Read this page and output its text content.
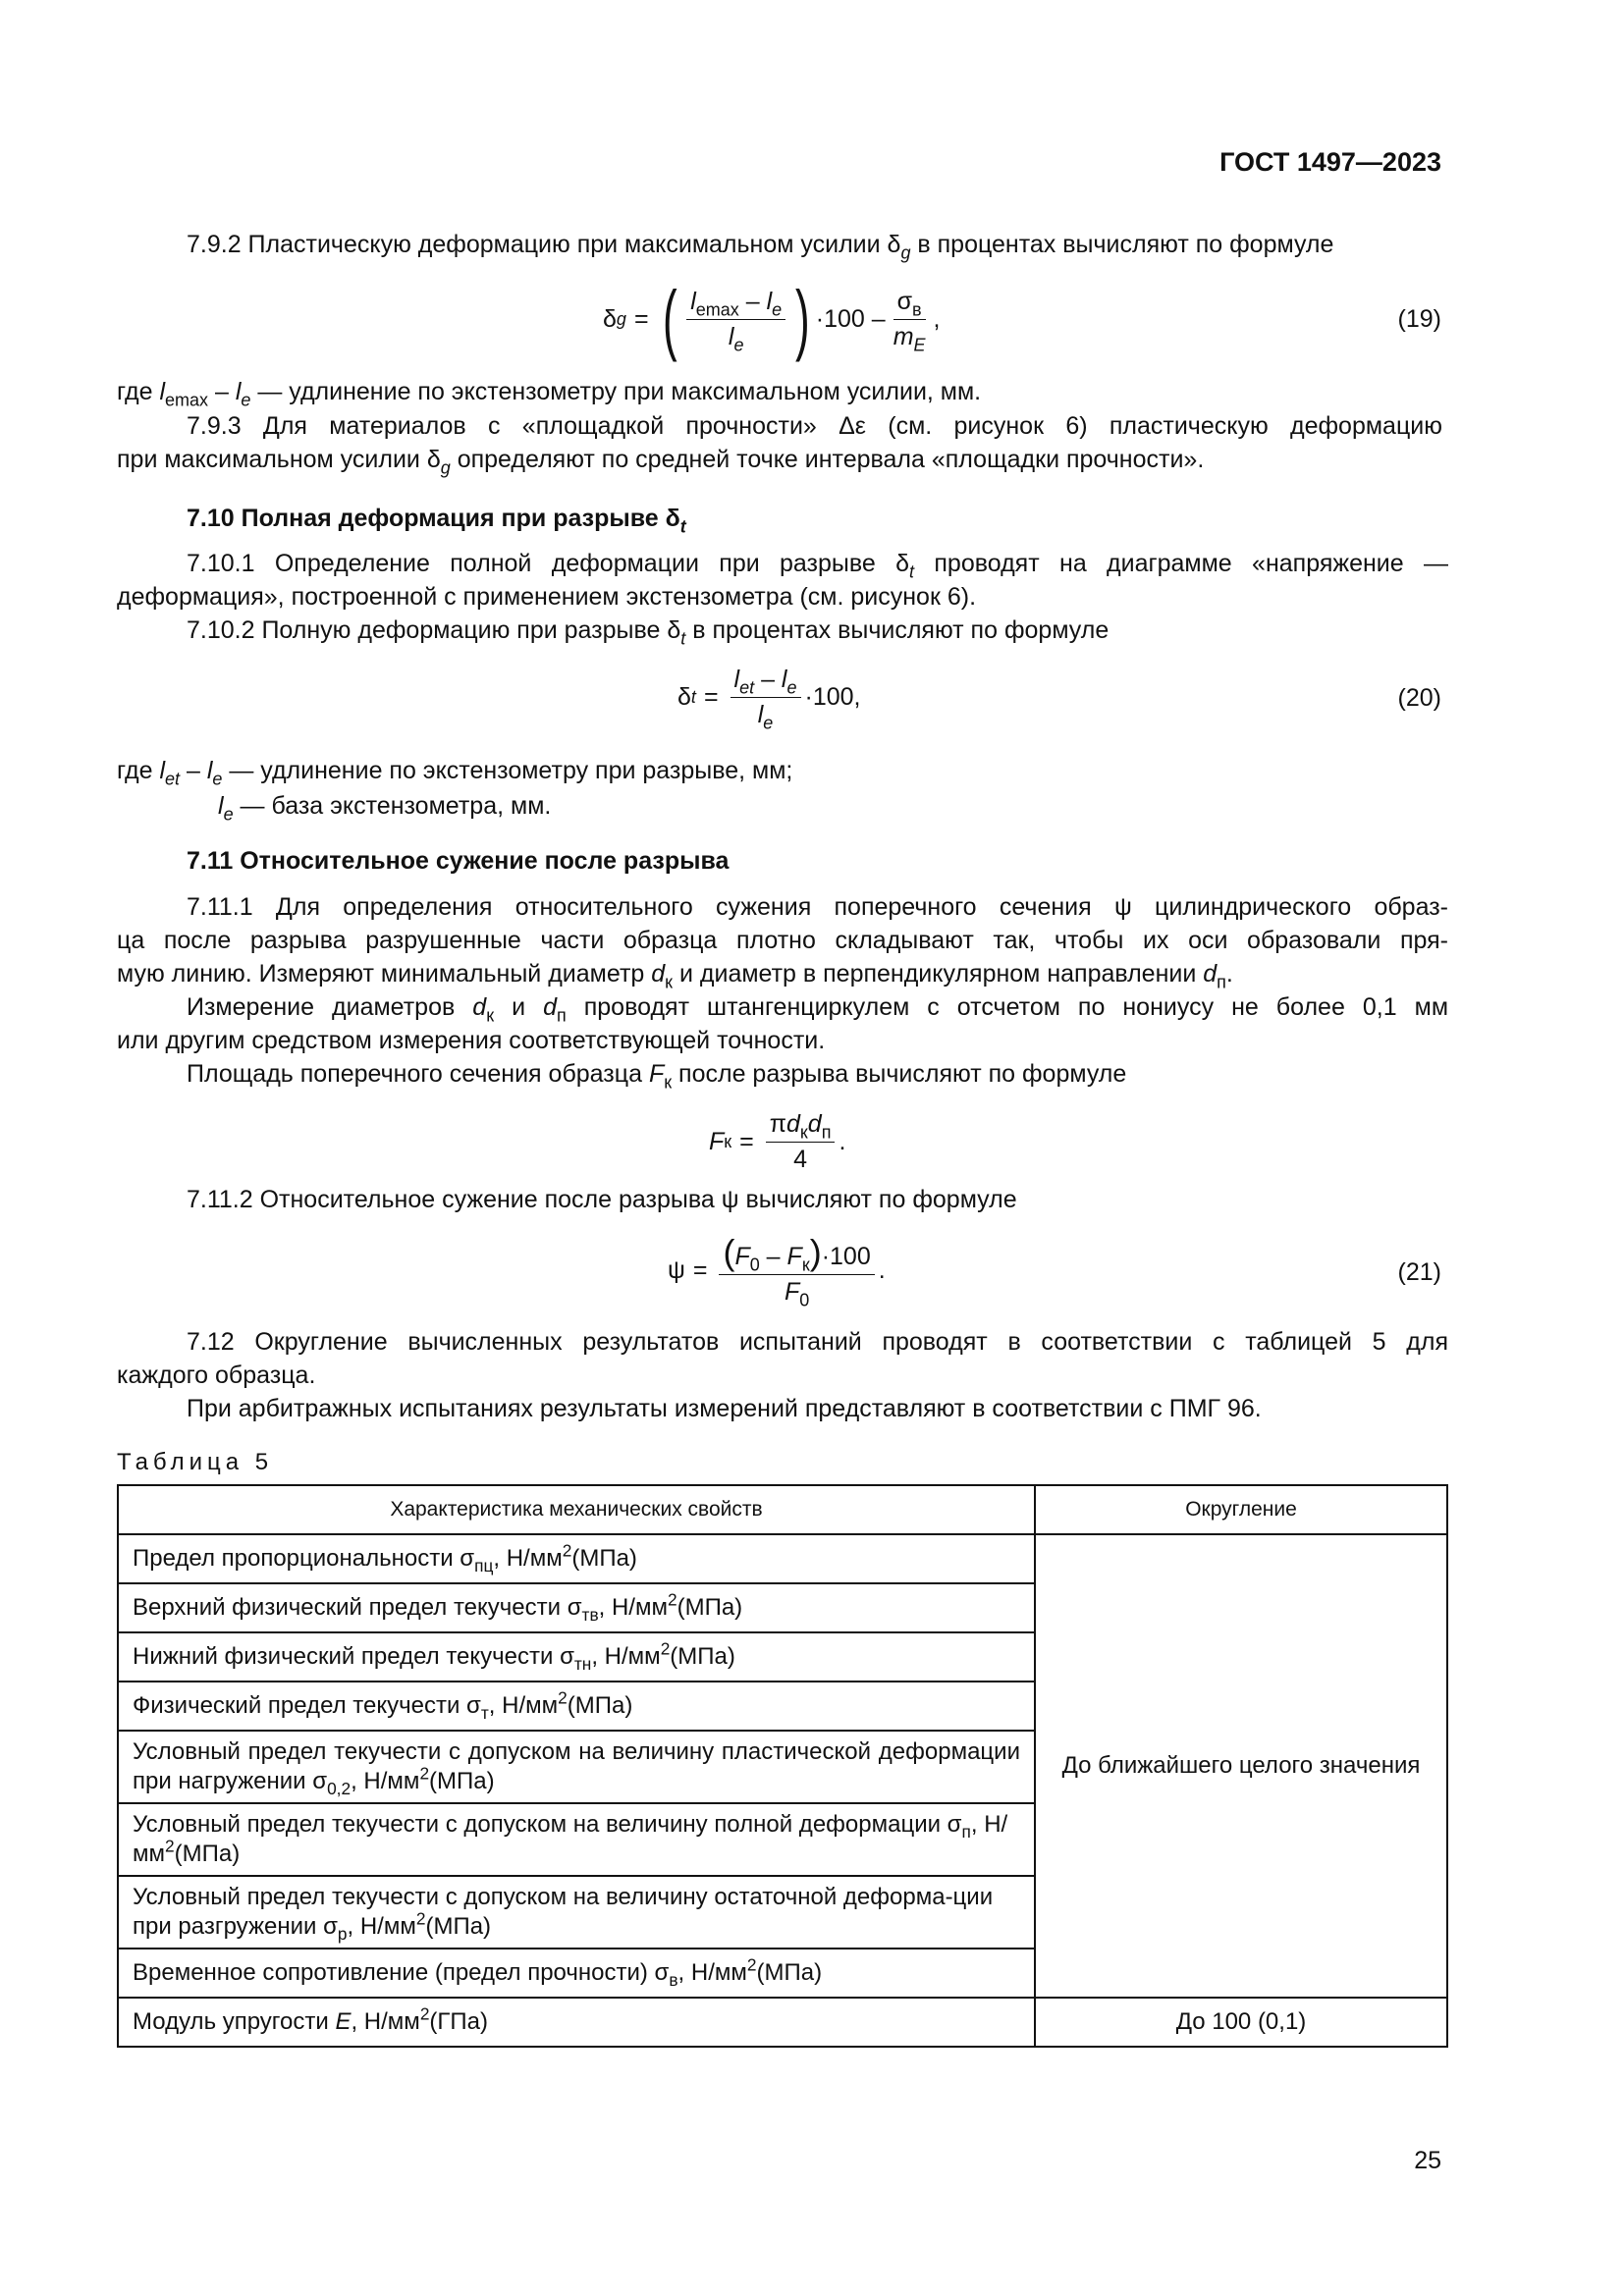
ГОСТ 1497—2023
7.9.2 Пластическую деформацию при максимальном усилии $\delta_g$ в процентах вычисляют по формуле
δ g = ( $\frac{l_{emax} - l_e}{l_e}$ ) $\cdot 100 - \frac{\sigma_в}{m_E}$ ,	(19)
где $l_{emax} - l_e$ — удлинение по экстензометру при максимальном усилии, мм.
7.9.3 Для материалов с «площадкой прочности» Δε (см. рисунок 6) пластическую деформацию
при максимальном усилии $\delta_g$ определяют по средней точке интервала «площадки прочности».
7.10 Полная деформация при разрыве $\delta_t$
7.10.1 Определение полной деформации при разрыве $\delta_t$ проводят на диаграмме «напряжение —
деформация», построенной с применением экстензометра (см. рисунок 6).
7.10.2 Полную деформацию при разрыве $\delta_t$ в процентах вычисляют по формуле
δ $t = \frac{l_{et} - l_e}{l_e} \cdot 100$,	(20)
где $l_{et} - l_e$ — удлинение по экстензометру при разрыве, мм;
$l_e$ — база экстензометра, мм.
7.11 Относительное сужение после разрыва
7.11.1 Для определения относительного сужения поперечного сечения ψ цилиндрического образ-
ца после разрыва разрушенные части образца плотно складывают так, чтобы их оси образовали пря-
мую линию. Измеряют минимальный диаметр $d_к$ и диаметр в перпендикулярном направлении $d_п$.
Измерение диаметров $d_к$ и $d_п$ проводят штангенциркулем с отсчетом по нониусу не более 0,1 мм
или другим средством измерения соответствующей точности.
Площадь поперечного сечения образца $F_к$ после разрыва вычисляют по формуле
F $к = \frac{\pi d_кd_п}{4}$ .
7.11.2 Относительное сужение после разрыва ψ вычисляют по формуле
$\psi = \frac{(F_0 - F_к)\cdot 100}{F_0}$ .	(21)
7.12 Округление вычисленных результатов испытаний проводят в соответствии с таблицей 5 для
каждого образца.
При арбитражных испытаниях результаты измерений представляют в соответствии с ПМГ 96.
Таблица 5
Характеристика механических свойств	Округление
Предел пропорциональности $\sigma_{пц}$, $Н/мм^2(МПа)$	До ближайшего целого значения
Верхний физический предел текучести $\sigma_{тв}$, $Н/мм^2(МПа)$	
Нижний физический предел текучести $\sigma_{тн}$, $Н/мм^2(МПа)$	
Физический предел текучести $\sigma_т$, $Н/мм^2(МПа)$	
Условный предел текучести с допуском на величину пластической деформации при нагружении $\sigma_{0,2}$, $Н/мм^2(МПа)$	
Условный предел текучести с допуском на величину полной деформации $\sigma_п$, $Н/мм^2(МПа)$	
Условный предел текучести с допуском на величину остаточной деформа-ции при разгружении $\sigma_р$, $Н/мм^2(МПа)$	
Временное сопротивление (предел прочности) $\sigma_в$, $Н/мм^2(МПа)$	
Модуль упругости E, $Н/мм^2(ГПа)$	До 100 (0,1)
25
